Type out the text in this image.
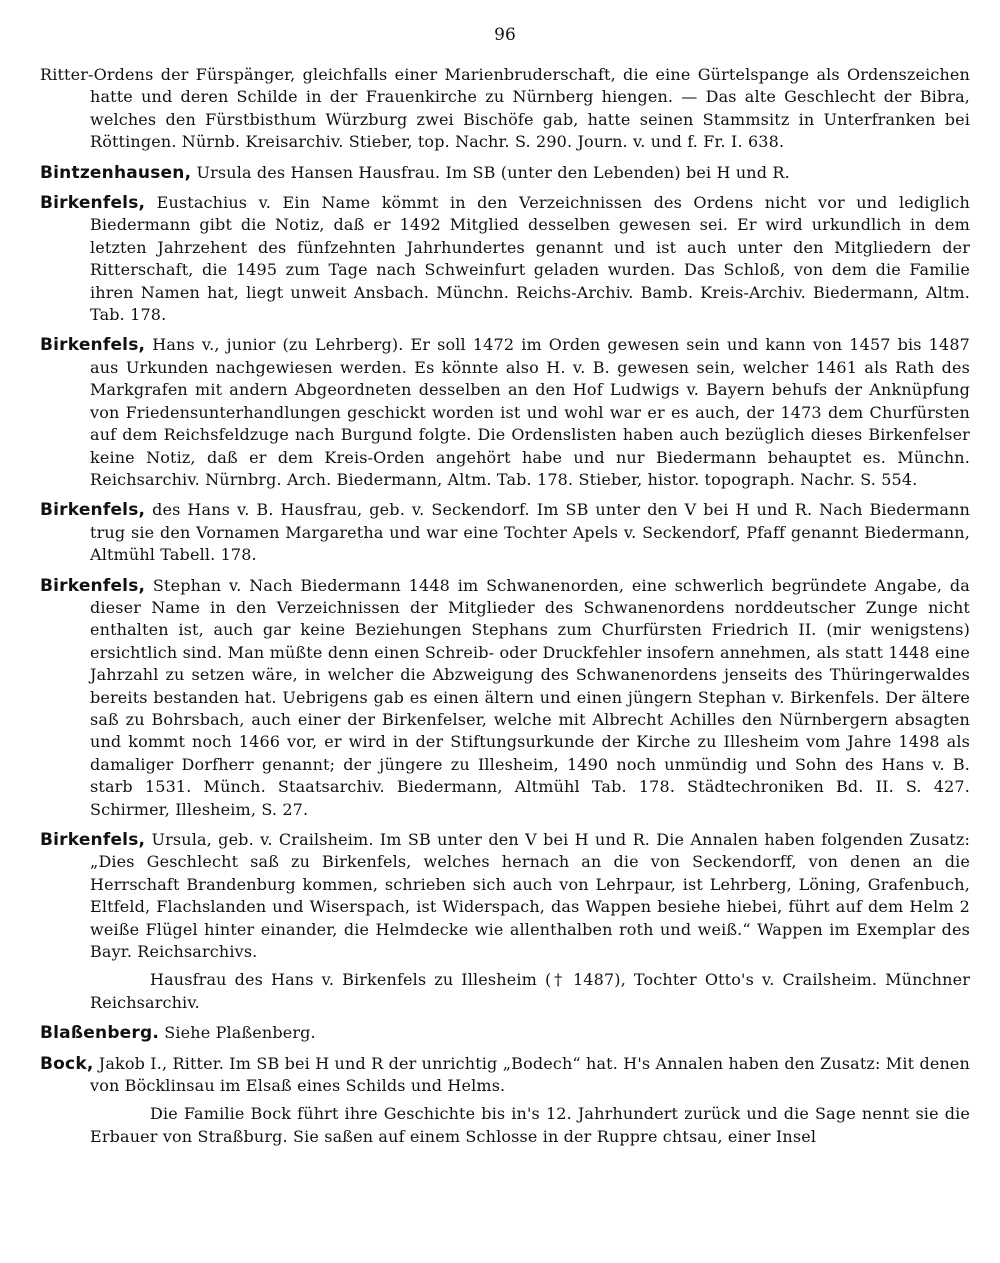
96

Ritter-Ordens der Fürspänger, gleichfalls einer Marienbruderschaft, die eine Gürtelspange als Ordenszeichen hatte und deren Schilde in der Frauenkirche zu Nürnberg hiengen. — Das alte Geschlecht der Bibra, welches den Fürstbisthum Würzburg zwei Bischöfe gab, hatte seinen Stammsitz in Unterfranken bei Röttingen. Nürnb. Kreisarchiv. Stieber, top. Nachr. S. 290. Journ. v. und f. Fr. I. 638.

Bintzenhausen, Ursula des Hansen Hausfrau. Im SB (unter den Lebenden) bei H und R.

Birkenfels, Eustachius v. Ein Name kömmt in den Verzeichnissen des Ordens nicht vor und lediglich Biedermann gibt die Notiz, daß er 1492 Mitglied desselben gewesen sei. Er wird urkundlich in dem letzten Jahrzehent des fünfzehnten Jahrhundertes genannt und ist auch unter den Mitgliedern der Ritterschaft, die 1495 zum Tage nach Schweinfurt geladen wurden. Das Schloß, von dem die Familie ihren Namen hat, liegt unweit Ansbach. Münchn. Reichs-Archiv. Bamb. Kreis-Archiv. Biedermann, Altm. Tab. 178.

Birkenfels, Hans v., junior (zu Lehrberg). Er soll 1472 im Orden gewesen sein und kann von 1457 bis 1487 aus Urkunden nachgewiesen werden. Es könnte also H. v. B. gewesen sein, welcher 1461 als Rath des Markgrafen mit andern Abgeordneten desselben an den Hof Ludwigs v. Bayern behufs der Anknüpfung von Friedensunterhandlungen geschickt worden ist und wohl war er es auch, der 1473 dem Churfürsten auf dem Reichsfeldzuge nach Burgund folgte. Die Ordenslisten haben auch bezüglich dieses Birkenfelser keine Notiz, daß er dem Kreis-Orden angehört habe und nur Biedermann behauptet es. Münchn. Reichsarchiv. Nürnbrg. Arch. Biedermann, Altm. Tab. 178. Stieber, histor. topograph. Nachr. S. 554.

Birkenfels, des Hans v. B. Hausfrau, geb. v. Seckendorf. Im SB unter den V bei H und R. Nach Biedermann trug sie den Vornamen Margaretha und war eine Tochter Apels v. Seckendorf, Pfaff genannt Biedermann, Altmühl Tabell. 178.

Birkenfels, Stephan v. Nach Biedermann 1448 im Schwanenorden, eine schwerlich begründete Angabe, da dieser Name in den Verzeichnissen der Mitglieder des Schwanenordens norddeutscher Zunge nicht enthalten ist, auch gar keine Beziehungen Stephans zum Churfürsten Friedrich II. (mir wenigstens) ersichtlich sind. Man müßte denn einen Schreib- oder Druckfehler insofern annehmen, als statt 1448 eine Jahrzahl zu setzen wäre, in welcher die Abzweigung des Schwanenordens jenseits des Thüringerwaldes bereits bestanden hat. Uebrigens gab es einen ältern und einen jüngern Stephan v. Birkenfels. Der ältere saß zu Bohrsbach, auch einer der Birkenfelser, welche mit Albrecht Achilles den Nürnbergern absagten und kommt noch 1466 vor, er wird in der Stiftungsurkunde der Kirche zu Illesheim vom Jahre 1498 als damaliger Dorfherr genannt; der jüngere zu Illesheim, 1490 noch unmündig und Sohn des Hans v. B. starb 1531. Münch. Staatsarchiv. Biedermann, Altmühl Tab. 178. Städtechroniken Bd. II. S. 427. Schirmer, Illesheim, S. 27.

Birkenfels, Ursula, geb. v. Crailsheim. Im SB unter den V bei H und R. Die Annalen haben folgenden Zusatz: „Dies Geschlecht saß zu Birkenfels, welches hernach an die von Seckendorff, von denen an die Herrschaft Brandenburg kommen, schrieben sich auch von Lehrpaur, ist Lehrberg, Löning, Grafenbuch, Eltfeld, Flachslanden und Wiserspach, ist Widerspach, das Wappen besiehe hiebei, führt auf dem Helm 2 weiße Flügel hinter einander, die Helmdecke wie allenthalben roth und weiß.“ Wappen im Exemplar des Bayr. Reichsarchivs.
Hausfrau des Hans v. Birkenfels zu Illesheim († 1487), Tochter Otto's v. Crailsheim. Münchner Reichsarchiv.

Blaßenberg. Siehe Plaßenberg.

Bock, Jakob I., Ritter. Im SB bei H und R der unrichtig „Bodech“ hat. H's Annalen haben den Zusatz: Mit denen von Böcklinsau im Elsaß eines Schilds und Helms.
Die Familie Bock führt ihre Geschichte bis in's 12. Jahrhundert zurück und die Sage nennt sie die Erbauer von Straßburg. Sie saßen auf einem Schlosse in der Ruppre chtsau, einer Insel
